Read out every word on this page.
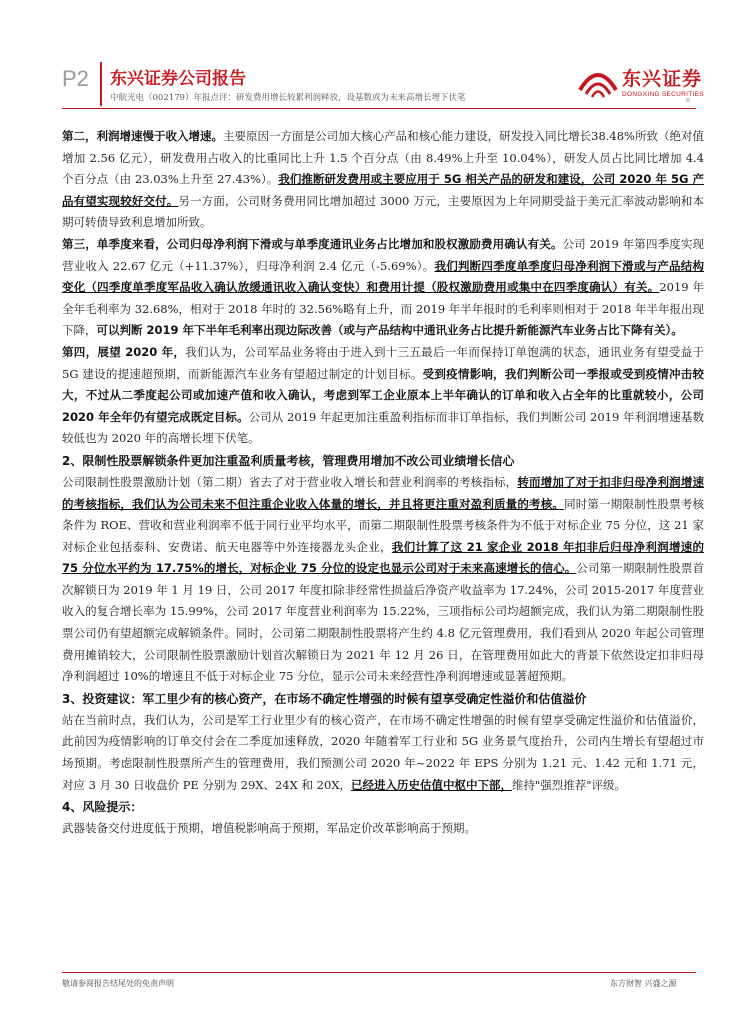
P2 东兴证券公司报告
中航光电（002179）年报点评：研发费用增长较累利润释放，设基数或为未来高增长埋下伏笔
东兴证券
DONGXING SECURITIES
±

第二，利润增速慢于收入增速。主要原因一方面是公司加大核心产品和核心能力建设，研发投入同比增长38.48%所致（绝对值增加 2.56 亿元），研发费用占收入的比重同比上升 1.5 个百分点（由 8.49%上升至 10.04%），研发人员占比同比增加 4.4 个百分点（由 23.03%上升至 27.43%）。我们推断研发费用或主要应用于 5G 相关产品的研发和建设，公司 2020 年 5G 产品有望实现较好交付。另一方面，公司财务费用同比增加超过 3000 万元，主要原因为上年同期受益于美元汇率波动影响和本期可转债导致利息增加所致。

第三，单季度来看，公司归母净利润下滑或与单季度通讯业务占比增加和股权激励费用确认有关。公司 2019 年第四季度实现营业收入 22.67 亿元（+11.37%），归母净利润 2.4 亿元（-5.69%）。我们判断四季度单季度归母净利润下滑或与产品结构变化（四季度单季度军品收入确认放缓通讯收入确认变快）和费用计提（股权激励费用或集中在四季度确认）有关。2019 年全年毛利率为 32.68%，相对于 2018 年时的 32.56%略有上升，而 2019 年半年报时的毛利率则相对于 2018 年半年报出现下降，可以判断 2019 年下半年毛利率出现边际改善（或与产品结构中通讯业务占比提升新能源汽车业务占比下降有关）。

第四，展望 2020 年，我们认为，公司军品业务将由于进入到十三五最后一年而保持订单饱满的状态，通讯业务有望受益于 5G 建设的提速超预期，而新能源汽车业务有望超过制定的计划目标。受到疫情影响，我们判断公司一季报或受到疫情冲击较大，不过从二季度起公司或加速产值和收入确认，考虑到军工企业原本上半年确认的订单和收入占全年的比重就较小，公司 2020 年全年仍有望完成既定目标。公司从 2019 年起更加注重盈利指标而非订单指标，我们判断公司 2019 年利润增速基数较低也为 2020 年的高增长埋下伏笔。

2、限制性股票解锁条件更加注重盈利质量考核，管理费用增加不改公司业绩增长信心

公司限制性股票激励计划（第二期）省去了对于营业收入增长和营业利润率的考核指标，转而增加了对于扣非归母净利润增速的考核指标，我们认为公司未来不但注重企业收入体量的增长，并且将更注重对盈利质量的考核。同时第一期限制性股票考核条件为 ROE、营收和营业利润率不低于同行业平均水平，而第二期限制性股票考核条件为不低于对标企业 75 分位，这 21 家对标企业包括泰科、安费诺、航天电器等中外连接器龙头企业，我们计算了这 21 家企业 2018 年扣非后归母净利润增速的 75 分位水平约为 17.75%的增长，对标企业 75 分位的设定也显示公司对于未来高速增长的信心。公司第一期限制性股票首次解锁日为 2019 年 1 月 19 日，公司 2017 年度扣除非经常性损益后净资产收益率为 17.24%，公司 2015-2017 年度营业收入的复合增长率为 15.99%，公司 2017 年度营业利润率为 15.22%，三项指标公司均超额完成，我们认为第二期限制性股票公司仍有望超额完成解锁条件。同时，公司第二期限制性股票将产生约 4.8 亿元管理费用，我们看到从 2020 年起公司管理费用摊销较大，公司限制性股票激励计划首次解锁日为 2021 年 12 月 26 日，在管理费用如此大的背景下依然设定扣非归母净利润超过 10%的增速且不低于对标企业 75 分位，显示公司未来经营性净利润增速或显著超预期。

3、投资建议：军工里少有的核心资产，在市场不确定性增强的时候有望享受确定性溢价和估值溢价

站在当前时点，我们认为，公司是军工行业里少有的核心资产，在市场不确定性增强的时候有望享受确定性溢价和估值溢价，此前因为疫情影响的订单交付会在二季度加速释放，2020 年随着军工行业和 5G 业务景气度抬升，公司内生增长有望超过市场预期。考虑限制性股票所产生的管理费用，我们预测公司 2020 年~2022 年 EPS 分别为 1.21 元、1.42 元和 1.71 元，对应 3 月 30 日收盘价 PE 分别为 29X、24X 和 20X，已经进入历史估值中枢中下部，维持"强烈推荐"评级。

4、风险提示：

武器装备交付进度低于预期，增值税影响高于预期，军品定价改革影响高于预期。

敬请参阅报告结尾处的免责声明	东方财智 兴盛之源
